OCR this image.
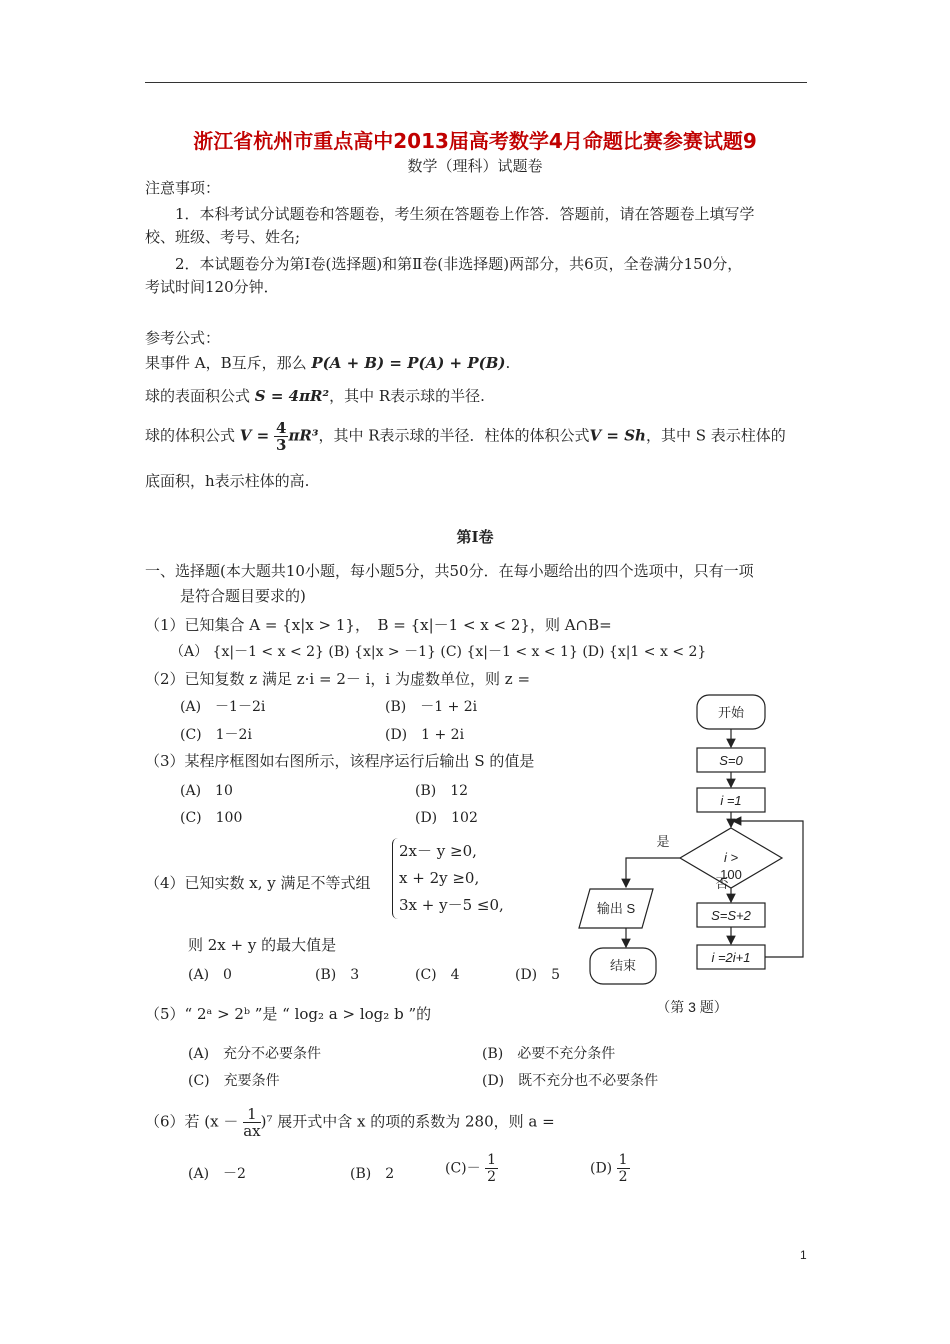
浙江省杭州市重点高中2013届高考数学4月命题比赛参赛试题9
数学（理科）试题卷
注意事项：
1．本科考试分试题卷和答题卷，考生须在答题卷上作答．答题前，请在答题卷上填写学
校、班级、考号、姓名;
2．本试题卷分为第Ⅰ卷(选择题)和第Ⅱ卷(非选择题)两部分，共6页，全卷满分150分，
考试时间120分钟．
参考公式：
果事件 A，B互斥，那么 P(A + B) = P(A) + P(B).
球的表面积公式 S = 4πR²，其中 R表示球的半径.
球的体积公式 $V = \frac{4}{3} \pi R^3$，其中 R表示球的半径．柱体的体积公式V = Sh，其中 S 表示柱体的
底面积，h表示柱体的高.
第Ⅰ卷
一、选择题(本大题共10小题，每小题5分，共50分．在每小题给出的四个选项中，只有一项
是符合题目要求的)
（1）已知集合 A = {x|x > 1}，　B = {x|－1 < x < 2}，则 A∩B=
（A） {x|－1 < x < 2} (B) {x|x > －1} (C) {x|－1 < x < 1} (D) {x|1 < x < 2}
（2）已知复数 z 满足 z·i = 2－ i，i 为虚数单位，则 z =
(A)　－1－2i	(B)　－1 + 2i
(C)　1－2i	(D)　1 + 2i
（3）某程序框图如右图所示，该程序运行后输出 S 的值是
(A)　10	(B)　12
(C)　100	(D)　102
（4）已知实数 x, y 满足不等式组
2x－ y ≥0,
x + 2y ≥0,
3x + y－5 ≤0,
则 2x + y 的最大值是
(A)　0	(B)　3	(C)　4	(D)　5
（5）“ 2ᵃ > 2ᵇ ”是 “ log₂ a > log₂ b ”的
(A)　充分不必要条件	(B)　必要不充分条件
(C)　充要条件	(D)　既不充分也不必要条件
（6）若 $(x - \frac{1}{ax} )^7$ 展开式中含 x 的项的系数为 280，则 a =
(A)　－2	(B)　2	$(C)- \frac{1}{2}$	$(D) \frac{1}{2}$
开始
S=0
i =1
i >
100
是
否
输出 S	S=S+2
i =2i+1
结束
（第 3 题）
1
